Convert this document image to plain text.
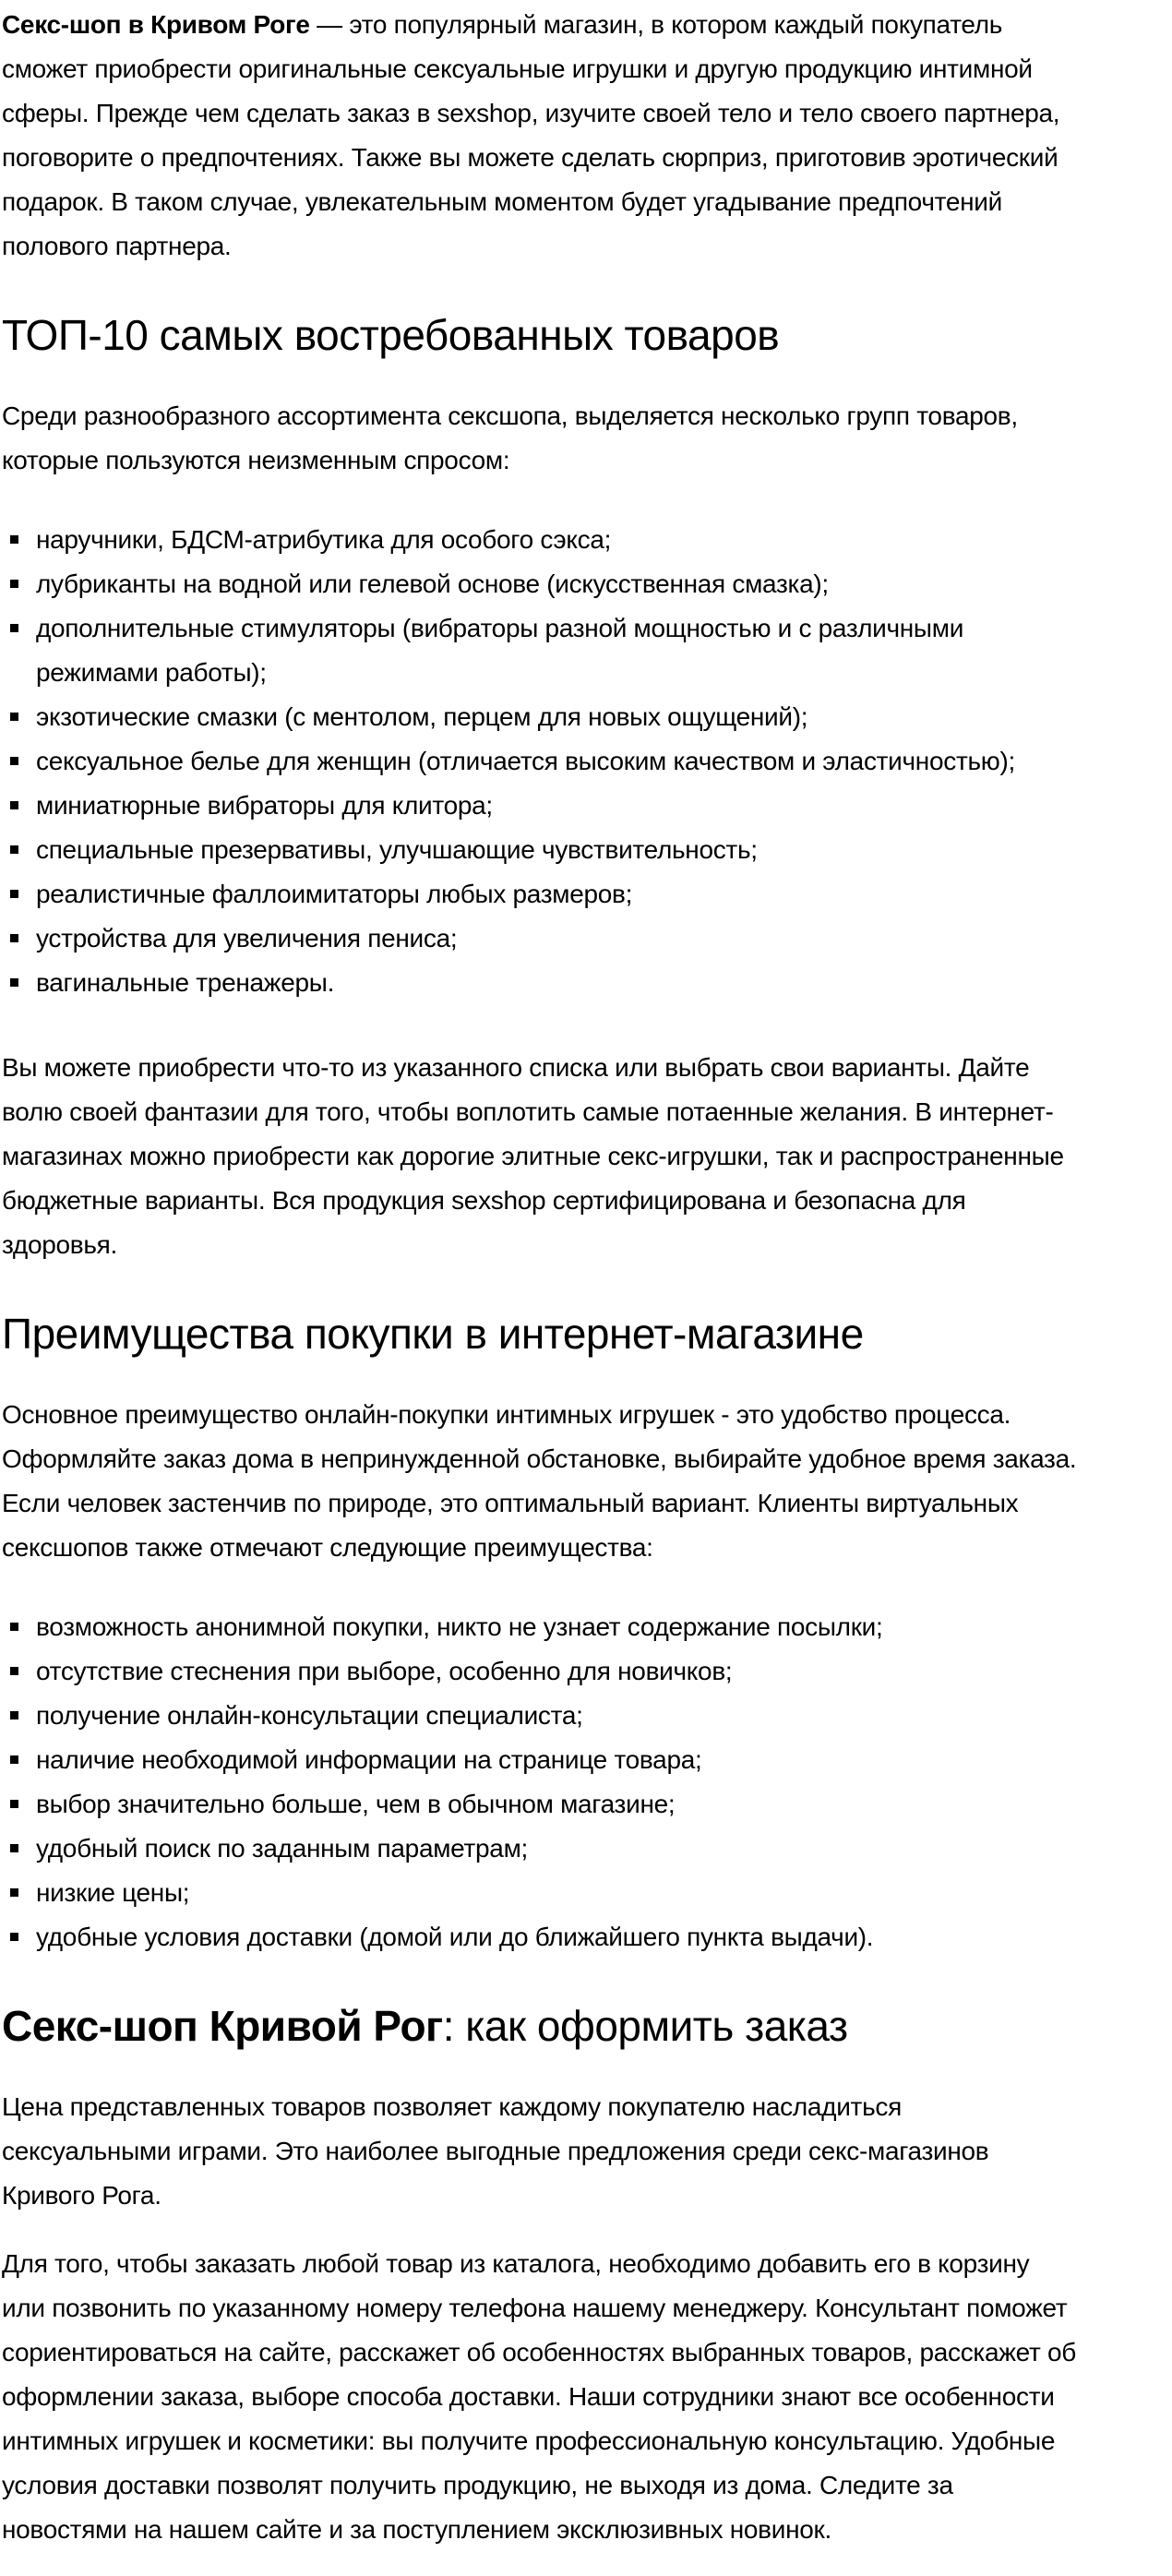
Секс-шоп в Кривом Роге — это популярный магазин, в котором каждый покупатель
сможет приобрести оригинальные сексуальные игрушки и другую продукцию интимной
сферы. Прежде чем сделать заказ в sexshop, изучите своей тело и тело своего партнера,
поговорите о предпочтениях. Также вы можете сделать сюрприз, приготовив эротический
подарок. В таком случае, увлекательным моментом будет угадывание предпочтений
полового партнера.

ТОП-10 самых востребованных товаров

Среди разнообразного ассортимента сексшопа, выделяется несколько групп товаров,
которые пользуются неизменным спросом:

наручники, БДСМ-атрибутика для особого сэкса;
лубриканты на водной или гелевой основе (искусственная смазка);
дополнительные стимуляторы (вибраторы разной мощностью и с различными
режимами работы);
экзотические смазки (с ментолом, перцем для новых ощущений);
сексуальное белье для женщин (отличается высоким качеством и эластичностью);
миниатюрные вибраторы для клитора;
специальные презервативы, улучшающие чувствительность;
реалистичные фаллоимитаторы любых размеров;
устройства для увеличения пениса;
вагинальные тренажеры.

Вы можете приобрести что-то из указанного списка или выбрать свои варианты. Дайте
волю своей фантазии для того, чтобы воплотить самые потаенные желания. В интернет-
магазинах можно приобрести как дорогие элитные секс-игрушки, так и распространенные
бюджетные варианты. Вся продукция sexshop сертифицирована и безопасна для
здоровья.

Преимущества покупки в интернет-магазине

Основное преимущество онлайн-покупки интимных игрушек - это удобство процесса.
Оформляйте заказ дома в непринужденной обстановке, выбирайте удобное время заказа.
Если человек застенчив по природе, это оптимальный вариант. Клиенты виртуальных
сексшопов также отмечают следующие преимущества:

возможность анонимной покупки, никто не узнает содержание посылки;
отсутствие стеснения при выборе, особенно для новичков;
получение онлайн-консультации специалиста;
наличие необходимой информации на странице товара;
выбор значительно больше, чем в обычном магазине;
удобный поиск по заданным параметрам;
низкие цены;
удобные условия доставки (домой или до ближайшего пункта выдачи).
Секс-шоп Кривой Рог: как оформить заказ

Цена представленных товаров позволяет каждому покупателю насладиться
сексуальными играми. Это наиболее выгодные предложения среди секс-магазинов
Кривого Рога.

Для того, чтобы заказать любой товар из каталога, необходимо добавить его в корзину
или позвонить по указанному номеру телефона нашему менеджеру. Консультант поможет
сориентироваться на сайте, расскажет об особенностях выбранных товаров, расскажет об
оформлении заказа, выборе способа доставки. Наши сотрудники знают все особенности
интимных игрушек и косметики: вы получите профессиональную консультацию. Удобные
условия доставки позволят получить продукцию, не выходя из дома. Следите за
новостями на нашем сайте и за поступлением эксклюзивных новинок.
